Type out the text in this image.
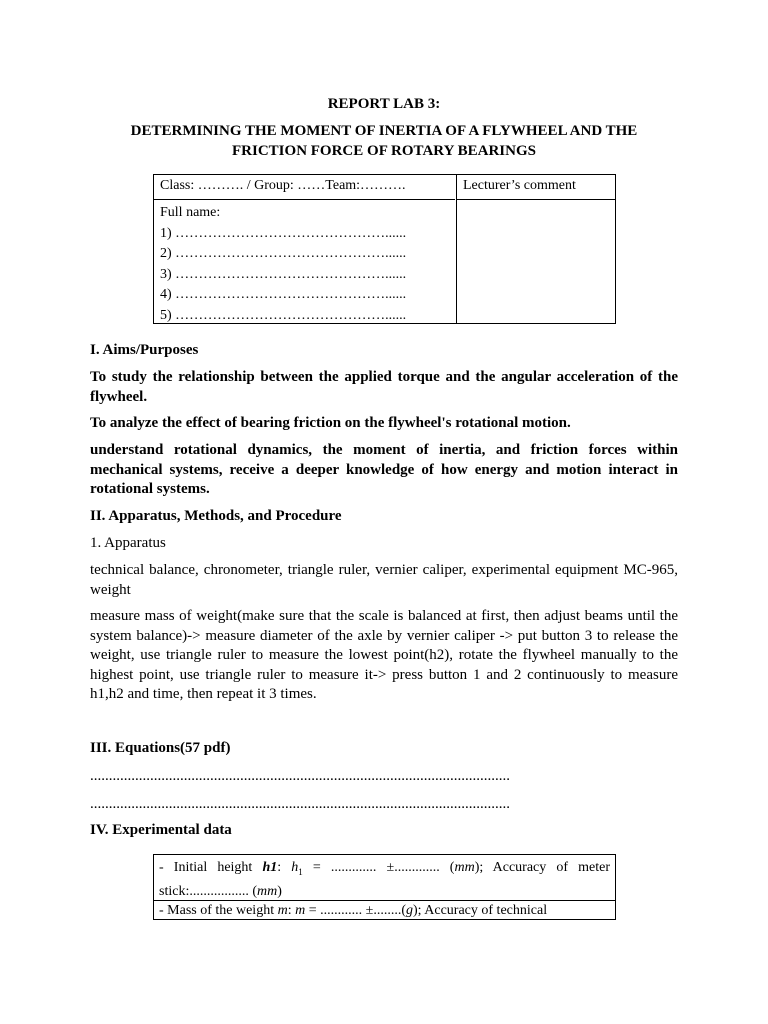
REPORT LAB 3:
DETERMINING THE MOMENT OF INERTIA OF A FLYWHEEL AND THE
FRICTION FORCE OF ROTARY BEARINGS
Class: ………. / Group: ……Team:……….	Lecturer’s comment
Full name:
1) ………………………………………......
2) ………………………………………......
3) ………………………………………......
4) ………………………………………......
5) ………………………………………......
I. Aims/Purposes
To study the relationship between the applied torque and the angular acceleration of the flywheel.
To analyze the effect of bearing friction on the flywheel's rotational motion.
understand rotational dynamics, the moment of inertia, and friction forces within mechanical systems, receive a deeper knowledge of how energy and motion interact in rotational systems.
II. Apparatus, Methods, and Procedure
1. Apparatus
technical balance, chronometer, triangle ruler, vernier caliper, experimental equipment MC-965, weight
measure mass of weight(make sure that the scale is balanced at first, then adjust beams until the system balance)-> measure diameter of the axle by vernier caliper -> put button 3 to release the weight, use triangle ruler to measure the lowest point(h2), rotate the flywheel manually to the highest point, use triangle ruler to measure it-> press button 1 and 2 continuously to measure h1,h2 and time, then repeat it 3 times.
III. Equations(57 pdf)
................................................................................................................
................................................................................................................
IV. Experimental data
- Initial height h1: $h_1$ = ............. ±............. (mm); Accuracy of meter stick:................. (mm)
- Mass of the weight m: m = ............ ±........(g); Accuracy of technical
